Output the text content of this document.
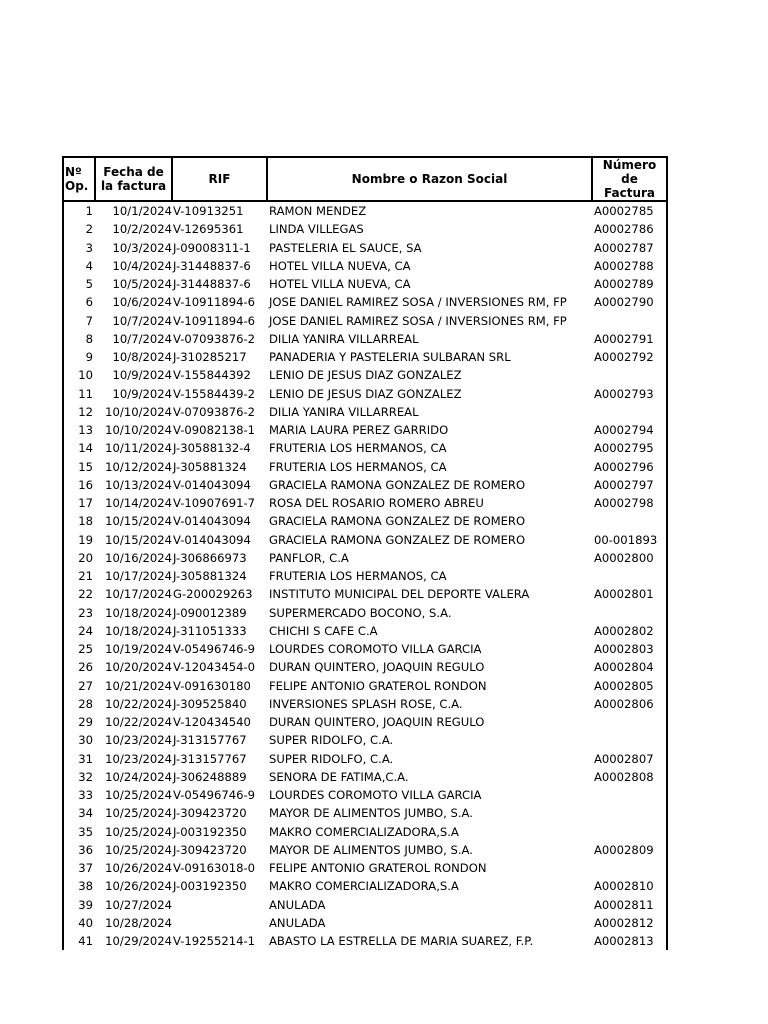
Nº Op.	Fecha de la factura	RIF	Nombre o Razon Social	Número de Factura
1	10/1/2024	V-10913251	RAMON MENDEZ	A0002785
2	10/2/2024	V-12695361	LINDA VILLEGAS	A0002786
3	10/3/2024	J-09008311-1	PASTELERIA EL SAUCE, SA	A0002787
4	10/4/2024	J-31448837-6	HOTEL VILLA NUEVA, CA	A0002788
5	10/5/2024	J-31448837-6	HOTEL VILLA NUEVA, CA	A0002789
6	10/6/2024	V-10911894-6	JOSE DANIEL RAMIREZ SOSA / INVERSIONES RM, FP	A0002790
7	10/7/2024	V-10911894-6	JOSE DANIEL RAMIREZ SOSA / INVERSIONES RM, FP	
8	10/7/2024	V-07093876-2	DILIA YANIRA VILLARREAL	A0002791
9	10/8/2024	J-310285217	PANADERIA Y PASTELERIA SULBARAN SRL	A0002792
10	10/9/2024	V-155844392	LENIO DE JESUS DIAZ GONZALEZ	
11	10/9/2024	V-15584439-2	LENIO DE JESUS DIAZ GONZALEZ	A0002793
12	10/10/2024	V-07093876-2	DILIA YANIRA VILLARREAL	
13	10/10/2024	V-09082138-1	MARIA LAURA PEREZ GARRIDO	A0002794
14	10/11/2024	J-30588132-4	FRUTERIA LOS HERMANOS, CA	A0002795
15	10/12/2024	J-305881324	FRUTERIA LOS HERMANOS, CA	A0002796
16	10/13/2024	V-014043094	GRACIELA RAMONA GONZALEZ DE ROMERO	A0002797
17	10/14/2024	V-10907691-7	ROSA DEL ROSARIO ROMERO ABREU	A0002798
18	10/15/2024	V-014043094	GRACIELA RAMONA GONZALEZ DE ROMERO	
19	10/15/2024	V-014043094	GRACIELA RAMONA GONZALEZ DE ROMERO	00-001893
20	10/16/2024	J-306866973	PANFLOR, C.A	A0002800
21	10/17/2024	J-305881324	FRUTERIA LOS HERMANOS, CA	
22	10/17/2024	G-200029263	INSTITUTO MUNICIPAL DEL DEPORTE VALERA	A0002801
23	10/18/2024	J-090012389	SUPERMERCADO BOCONO, S.A.	
24	10/18/2024	J-311051333	CHICHI S CAFE C.A	A0002802
25	10/19/2024	V-05496746-9	LOURDES COROMOTO VILLA GARCIA	A0002803
26	10/20/2024	V-12043454-0	DURAN QUINTERO, JOAQUIN REGULO	A0002804
27	10/21/2024	V-091630180	FELIPE ANTONIO GRATEROL RONDON	A0002805
28	10/22/2024	J-309525840	INVERSIONES SPLASH ROSE, C.A.	A0002806
29	10/22/2024	V-120434540	DURAN QUINTERO, JOAQUIN REGULO	
30	10/23/2024	J-313157767	SUPER RIDOLFO, C.A.	
31	10/23/2024	J-313157767	SUPER RIDOLFO, C.A.	A0002807
32	10/24/2024	J-306248889	SENORA DE FATIMA,C.A.	A0002808
33	10/25/2024	V-05496746-9	LOURDES COROMOTO VILLA GARCIA	
34	10/25/2024	J-309423720	MAYOR DE ALIMENTOS JUMBO, S.A.	
35	10/25/2024	J-003192350	MAKRO COMERCIALIZADORA,S.A	
36	10/25/2024	J-309423720	MAYOR DE ALIMENTOS JUMBO, S.A.	A0002809
37	10/26/2024	V-09163018-0	FELIPE ANTONIO GRATEROL RONDON	
38	10/26/2024	J-003192350	MAKRO COMERCIALIZADORA,S.A	A0002810
39	10/27/2024		ANULADA	A0002811
40	10/28/2024		ANULADA	A0002812
41	10/29/2024	V-19255214-1	ABASTO LA ESTRELLA DE MARIA SUAREZ, F.P.	A0002813
